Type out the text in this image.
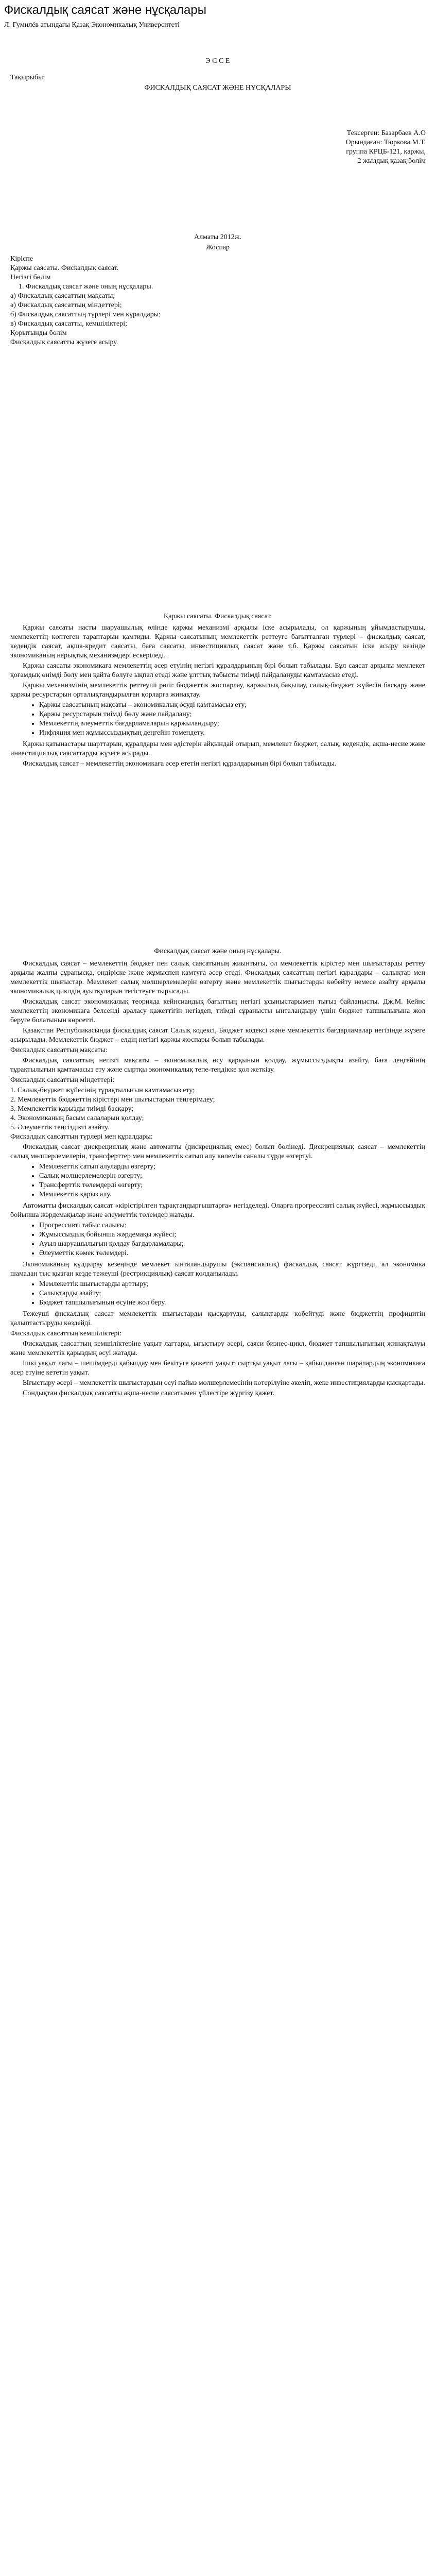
Фискалдық саясат және нұсқалары
Л. Гумилёв атындағы Қазақ Экономикалық Университеті
Э С С Е
Тақырыбы:
ФИСКАЛДЫҚ САЯСАТ ЖӘНЕ НҰСҚАЛАРЫ
Тексерген: Базарбаев А.О
Орындаған: Тюркова М.Т.
группа КРЦБ-121, қаржы,
2 жылдық қазақ бөлім
Алматы 2012ж.
Жоспар
Кіріспе
Қаржы саясаты. Фискалдық саясат.
Негізгі бөлім
1. Фискалдық саясат және оның нұсқалары.
а) Фискалдық саясаттың мақсаты;
ә) Фискалдық саясаттың міндеттері;
б) Фискалдық саясаттың түрлері мен құралдары;
в) Фискалдық саясатты, кемшіліктері;
Қорытынды бөлім
Фискалдық саясатты жүзеге асыру.
Қаржы саясаты. Фискалдық саясат.

Қаржы саясаты насты шаруашылық өлінде қаржы механизмі арқылы іске асырылады, ол қаржының ұйымдастырушы, мемлекеттің көптеген тараптарын қамтиды. Қаржы саясатының мемлекеттік реттеуге бағытталған түрлері – фискалдық саясат, кедендік саясат, ақша-кредит саясаты, баға саясаты, инвестициялық саясат және т.б. Қаржы саясатын іске асыру кезінде экономиканың нарықтық механизмдері ескеріледі.

Қаржы саясаты экономикаға мемлекеттің әсер етуінің негізгі құралдарының бірі болып табылады. Бұл саясат арқылы мемлекет қоғамдық өнімді бөлу мен қайта бөлуге ықпал етеді және ұлттық табысты тиімді пайдалануды қамтамасыз етеді.

Қаржы механизмінің мемлекеттік реттеуші рөлі: бюджеттік жоспарлау, қаржылық бақылау, салық-бюджет жүйесін басқару және қаржы ресурстарын орталықтандырылған қорларға жинақтау.

• Қаржы саясатының мақсаты – экономикалық өсуді қамтамасыз ету;
• Қаржы ресурстарын тиімді бөлу және пайдалану;
• Мемлекеттің әлеуметтік бағдарламаларын қаржыландыру;
• Инфляция мен жұмыссыздықтың деңгейін төмендету.

Қаржы қатынастары шарттарын, құралдары мен әдістерін айқындай отырып, мемлекет бюджет, салық, кедендік, ақша-несие және инвестициялық саясаттарды жүзеге асырады.

Фискалдық саясат – мемлекеттің экономикаға әсер ететін негізгі құралдарының бірі болып табылады.

Фискалдық саясат және оның нұсқалары.

Фискалдық саясат – мемлекеттің бюджет пен салық саясатының жиынтығы, ол мемлекеттік кірістер мен шығыстарды реттеу арқылы жалпы сұранысқа, өндіріске және жұмыспен қамтуға әсер етеді. Фискалдық саясаттың негізгі құралдары – салықтар мен мемлекеттік шығыстар. Мемлекет салық мөлшерлемелерін өзгерту және мемлекеттік шығыстарды көбейту немесе азайту арқылы экономикалық циклдің ауытқуларын тегістеуге тырысады.

Фискалдық саясат экономикалық теорияда кейнсиандық бағыттың негізгі ұсыныстарымен тығыз байланысты. Дж.М. Кейнс мемлекеттің экономикаға белсенді араласу қажеттігін негіздеп, тиімді сұранысты ынталандыру үшін бюджет тапшылығына жол беруге болатынын көрсетті.

Қазақстан Республикасында фискалдық саясат Салық кодексі, Бюджет кодексі және мемлекеттік бағдарламалар негізінде жүзеге асырылады. Мемлекеттік бюджет – елдің негізгі қаржы жоспары болып табылады.

Фискалдық саясаттың мақсаты:

Фискалдық саясаттың негізгі мақсаты – экономикалық өсу қарқынын қолдау, жұмыссыздықты азайту, баға деңгейінің тұрақтылығын қамтамасыз ету және сыртқы экономикалық тепе-теңдікке қол жеткізу.

Фискалдық саясаттың міндеттері:

1. Салық-бюджет жүйесінің тұрақтылығын қамтамасыз ету;
2. Мемлекеттік бюджеттің кірістері мен шығыстарын теңгерімдеу;
3. Мемлекеттік қарызды тиімді басқару;
4. Экономиканың басым салаларын қолдау;
5. Әлеуметтік теңсіздікті азайту.

Фискалдық саясаттың түрлері мен құралдары:

Фискалдық саясат дискрециялық және автоматты (дискрециялық емес) болып бөлінеді. Дискрециялық саясат – мемлекеттің салық мөлшерлемелерін, трансферттер мен мемлекеттік сатып алу көлемін саналы түрде өзгертуі.

• Мемлекеттік сатып алуларды өзгерту;
• Салық мөлшерлемелерін өзгерту;
• Трансферттік төлемдерді өзгерту;
• Мемлекеттік қарыз алу.

Автоматты фискалдық саясат «кірістірілген тұрақтандырғыштарға» негізделеді. Оларға прогрессивті салық жүйесі, жұмыссыздық бойынша жәрдемақылар және әлеуметтік төлемдер жатады.

• Прогрессивті табыс салығы;
• Жұмыссыздық бойынша жәрдемақы жүйесі;
• Ауыл шаруашылығын қолдау бағдарламалары;
• Әлеуметтік көмек төлемдері.

Экономиканың құлдырау кезеңінде мемлекет ынталандырушы (экспансиялық) фискалдық саясат жүргізеді, ал экономика шамадан тыс қызған кезде тежеуші (рестрикциялық) саясат қолданылады.

• Мемлекеттік шығыстарды арттыру;
• Салықтарды азайту;
• Бюджет тапшылығының өсуіне жол беру.

Тежеуші фискалдық саясат мемлекеттік шығыстарды қысқартуды, салықтарды көбейтуді және бюджеттің профицитін қалыптастыруды көздейді.

Фискалдық саясаттың кемшіліктері:

Фискалдық саясаттың кемшіліктеріне уақыт лагтары, ығыстыру әсері, саяси бизнес-цикл, бюджет тапшылығының жинақталуы және мемлекеттік қарыздың өсуі жатады.

Ішкі уақыт лагы – шешімдерді қабылдау мен бекітуге қажетті уақыт; сыртқы уақыт лагы – қабылданған шаралардың экономикаға әсер етуіне кететін уақыт.

Ығыстыру әсері – мемлекеттік шығыстардың өсуі пайыз мөлшерлемесінің көтерілуіне әкеліп, жеке инвестицияларды қысқартады.

Сондықтан фискалдық саясатты ақша-несие саясатымен үйлестіре жүргізу қажет.
